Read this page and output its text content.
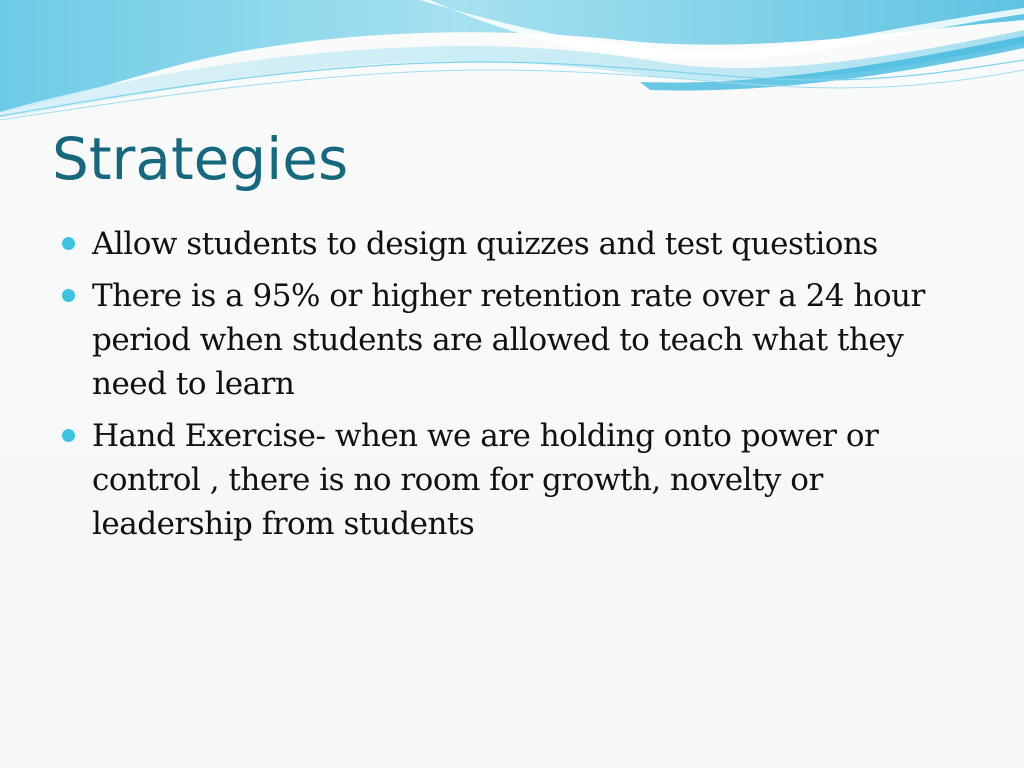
Strategies
Allow students to design quizzes and test questions
There is a 95% or higher retention rate over a 24 hour period when students are allowed to teach what they need to learn
Hand Exercise- when we are holding onto power or control , there is no room for growth, novelty or leadership from students
